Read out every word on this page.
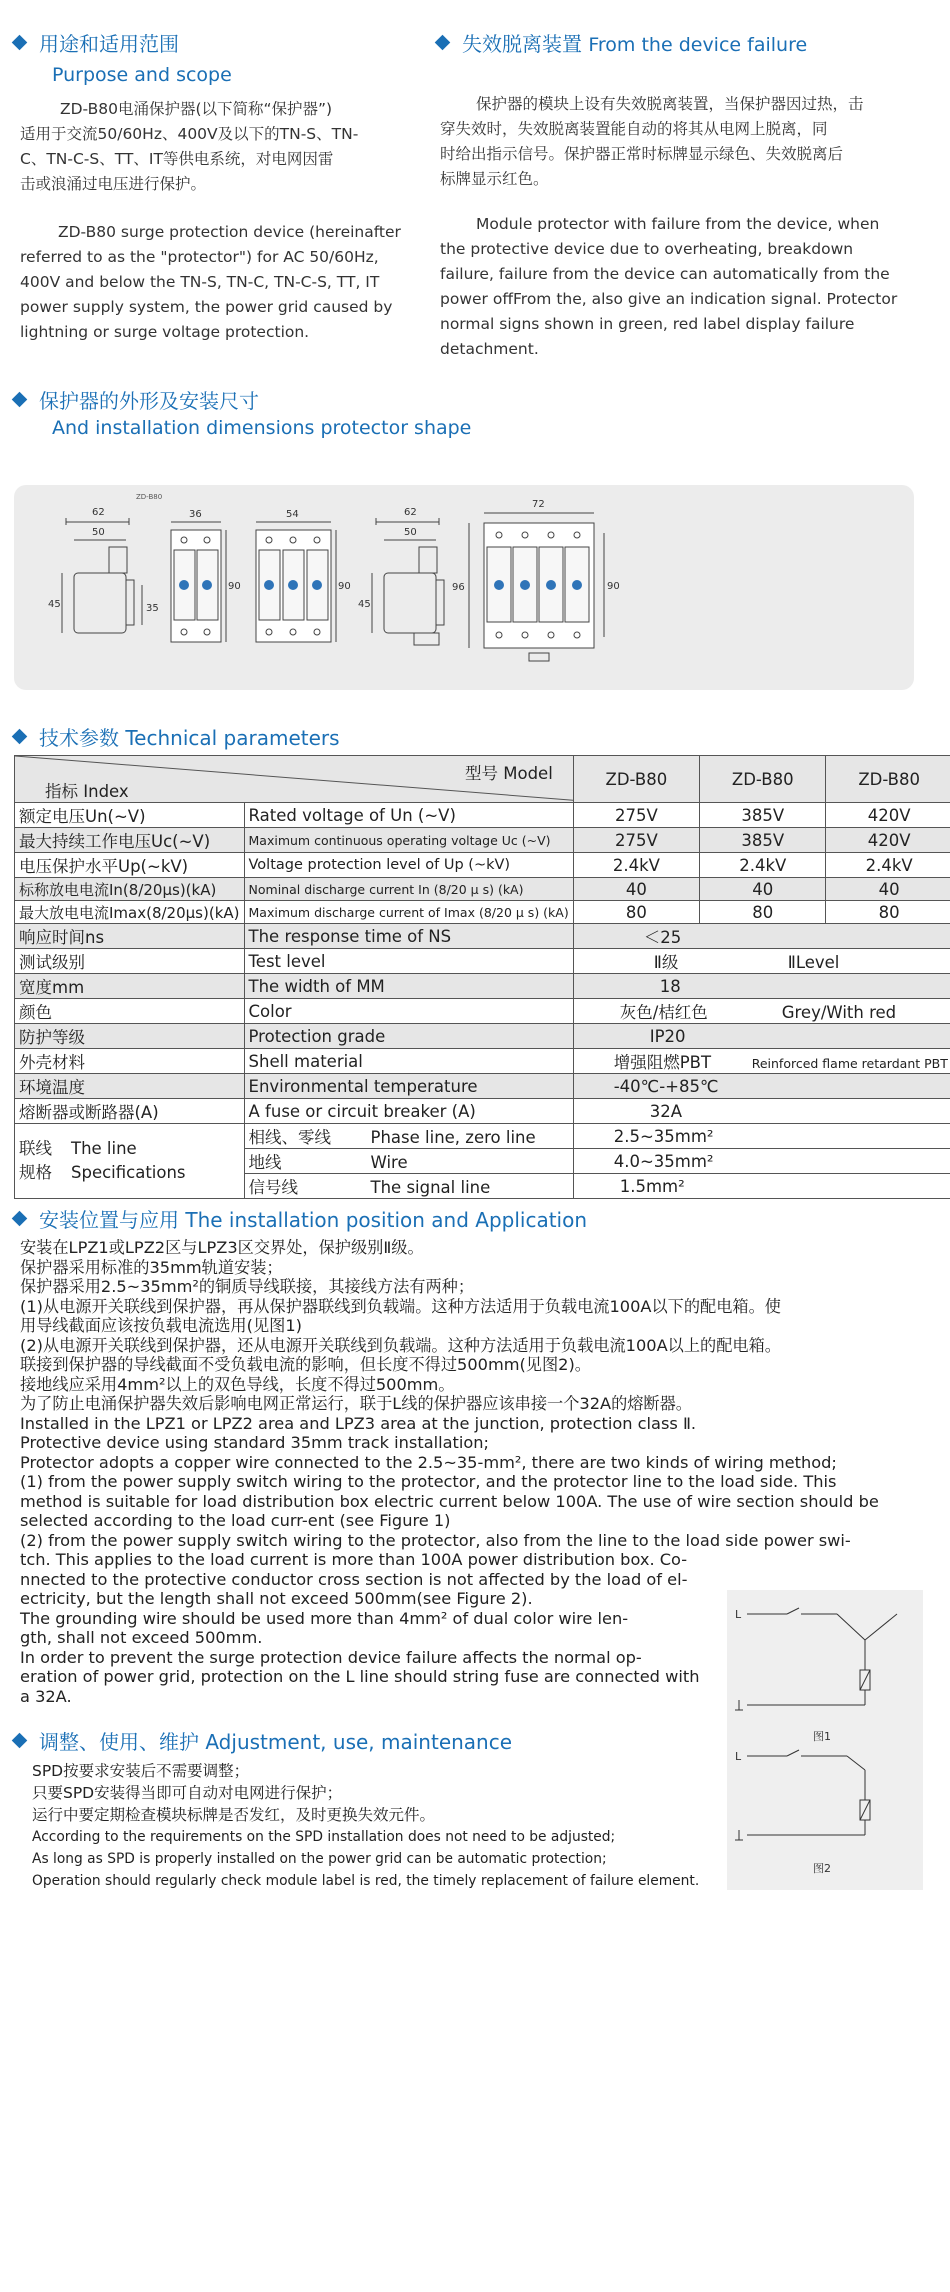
用途和适用范围
Purpose and scope
ZD-B80电涌保护器(以下简称“保护器”)
适用于交流50/60Hz、400V及以下的TN-S、TN-
C、TN-C-S、TT、IT等供电系统，对电网因雷
击或浪涌过电压进行保护。
ZD-B80 surge protection device (hereinafter
referred to as the "protector") for AC 50/60Hz,
400V and below the TN-S, TN-C, TN-C-S, TT, IT
power supply system, the power grid caused by
lightning or surge voltage protection.
失效脱离装置 From the device failure
保护器的模块上设有失效脱离装置，当保护器因过热，击
穿失效时，失效脱离装置能自动的将其从电网上脱离，同
时给出指示信号。保护器正常时标牌显示绿色、失效脱离后
标牌显示红色。
Module protector with failure from the device, when
the protective device due to overheating, breakdown
failure, failure from the device can automatically from the
power offFrom the, also give an indication signal. Protector
normal signs shown in green, red label display failure
detachment.
保护器的外形及安装尺寸
And installation dimensions protector shape
62
50
45	35
ZD-B80
36
90
54
90
62
50
45
72
96	90
技术参数 Technical parameters
指标 Index
型号 Model		ZD-B80	ZD-B80	ZD-B80
额定电压Un(~V)	Rated voltage of Un (~V)	275V	385V	420V
最大持续工作电压Uc(~V)	Maximum continuous operating voltage Uc (~V)	275V	385V	420V
电压保护水平Up(~kV)	Voltage protection level of Up (~kV)	2.4kV	2.4kV	2.4kV
标称放电电流In(8/20μs)(kA)	Nominal discharge current In (8/20 μ s) (kA)	40	40	40
最大放电电流Imax(8/20μs)(kA)	Maximum discharge current of Imax (8/20 μ s) (kA)	80	80	80
响应时间ns	The response time of NS	＜25		
测试级别	Test level	Ⅱ级 ⅡLevel		
宽度mm	The width of MM	18		
颜色	Color	灰色/桔红色 Grey/With red		
防护等级	Protection grade	IP20		
外壳材料	Shell material	增强阻燃PBT Reinforced flame retardant PBT		
环境温度	Environmental temperature	-40℃-+85℃		
熔断器或断路器(A)	A fuse or circuit breaker (A)	32A		

联线 The line
规格 Specifications	相线、零线 Phase line, zero line	2.5~35mm²		
	地线 Wire	4.0~35mm²		
	信号线 The signal line	1.5mm²		
安装位置与应用 The installation position and Application
安装在LPZ1或LPZ2区与LPZ3区交界处，保护级别Ⅱ级。
保护器采用标准的35mm轨道安装；
保护器采用2.5~35mm²的铜质导线联接，其接线方法有两种；
(1)从电源开关联线到保护器，再从保护器联线到负载端。这种方法适用于负载电流100A以下的配电箱。使
用导线截面应该按负载电流选用(见图1)
(2)从电源开关联线到保护器，还从电源开关联线到负载端。这种方法适用于负载电流100A以上的配电箱。
联接到保护器的导线截面不受负载电流的影响，但长度不得过500mm(见图2)。
接地线应采用4mm²以上的双色导线，长度不得过500mm。
为了防止电涌保护器失效后影响电网正常运行，联于L线的保护器应该串接一个32A的熔断器。
Installed in the LPZ1 or LPZ2 area and LPZ3 area at the junction, protection class Ⅱ.
Protective device using standard 35mm track installation;
Protector adopts a copper wire connected to the 2.5~35-mm², there are two kinds of wiring method;
(1) from the power supply switch wiring to the protector, and the protector line to the load side. This
method is suitable for load distribution box electric current below 100A. The use of wire section should be
selected according to the load curr-ent (see Figure 1)
(2) from the power supply switch wiring to the protector, also from the line to the load side power swi-
tch. This applies to the load current is more than 100A power distribution box. Co-
nnected to the protective conductor cross section is not affected by the load of el-
ectricity, but the length shall not exceed 500mm(see Figure 2).
The grounding wire should be used more than 4mm² of dual color wire len-
gth, shall not exceed 500mm.
In order to prevent the surge protection device failure affects the normal op-
eration of power grid, protection on the L line should string fuse are connected with
a 32A.
L
图1
L
图2
调整、使用、维护 Adjustment, use, maintenance
SPD按要求安装后不需要调整；
只要SPD安装得当即可自动对电网进行保护；
运行中要定期检查模块标牌是否发红，及时更换失效元件。
According to the requirements on the SPD installation does not need to be adjusted;
As long as SPD is properly installed on the power grid can be automatic protection;
Operation should regularly check module label is red, the timely replacement of failure element.
